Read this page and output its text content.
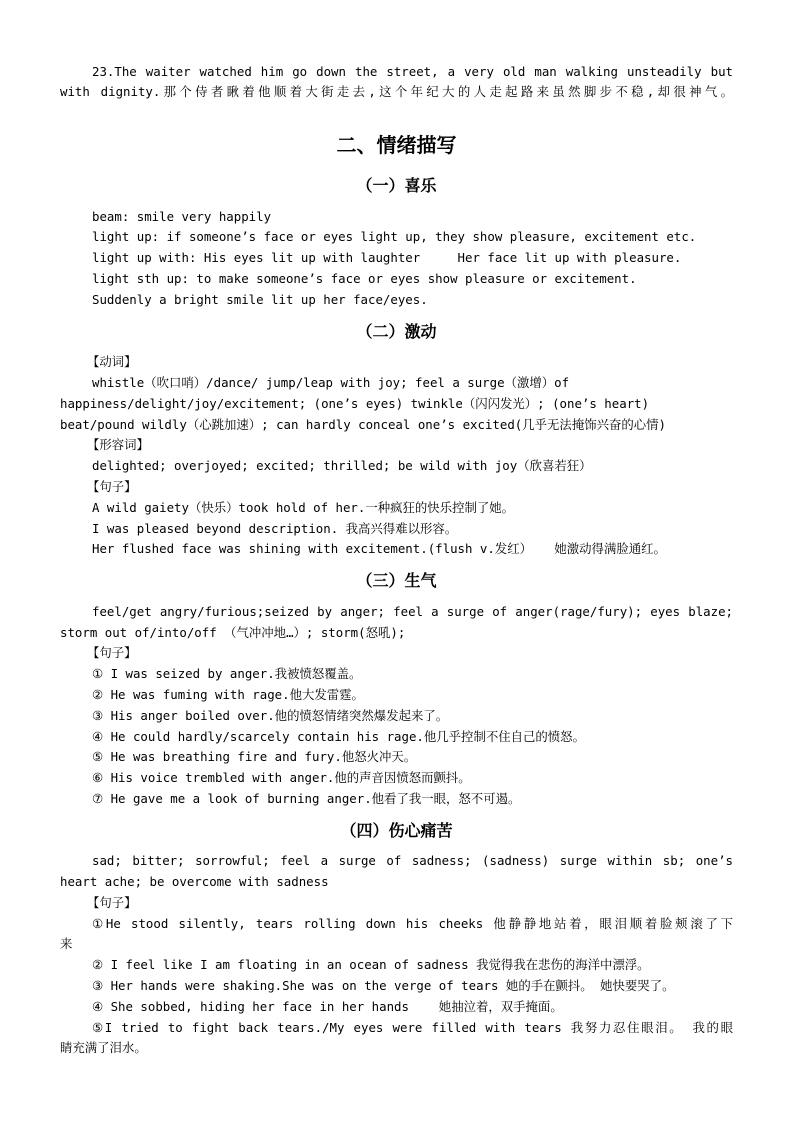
23.The waiter watched him go down the street, a very old man walking unsteadily but
with dignity.那个侍者瞅着他顺着大街走去,这个年纪大的人走起路来虽然脚步不稳,却很神气。
二、情绪描写
（一）喜乐
beam: smile very happily
light up: if someone’s face or eyes light up, they show pleasure, excitement etc.
light up with: His eyes lit up with laughter     Her face lit up with pleasure.
light sth up: to make someone’s face or eyes show pleasure or excitement.
Suddenly a bright smile lit up her face/eyes.
（二）激动
【动词】
whistle（吹口哨）/dance/ jump/leap with joy; feel a surge（激增）of
happiness/delight/joy/excitement; (one’s eyes) twinkle（闪闪发光）; (one’s heart)
beat/pound wildly（心跳加速）; can hardly conceal one’s excited(几乎无法掩饰兴奋的心情)
【形容词】
delighted; overjoyed; excited; thrilled; be wild with joy（欣喜若狂）
【句子】
A wild gaiety（快乐）took hold of her.一种疯狂的快乐控制了她。
I was pleased beyond description. 我高兴得难以形容。
Her flushed face was shining with excitement.(flush v.发红）   她激动得满脸通红。
（三）生气
feel/get angry/furious;seized by anger; feel a surge of anger(rage/fury); eyes blaze;
storm out of/into/off （气冲冲地…）; storm(怒吼);
【句子】
① I was seized by anger.我被愤怒覆盖。
② He was fuming with rage.他大发雷霆。
③ His anger boiled over.他的愤怒情绪突然爆发起来了。
④ He could hardly/scarcely contain his rage.他几乎控制不住自己的愤怒。
⑤ He was breathing fire and fury.他怒火冲天。
⑥ His voice trembled with anger.他的声音因愤怒而颤抖。
⑦ He gave me a look of burning anger.他看了我一眼，怒不可遏。
（四）伤心痛苦
sad; bitter; sorrowful; feel a surge of sadness; (sadness) surge within sb; one’s
heart ache; be overcome with sadness
【句子】
①He stood silently, tears rolling down his cheeks 他静静地站着，眼泪顺着脸颊滚了下
来
② I feel like I am floating in an ocean of sadness 我觉得我在悲伤的海洋中漂浮。
③ Her hands were shaking.She was on the verge of tears 她的手在颤抖。 她快要哭了。
④ She sobbed, hiding her face in her hands    她抽泣着，双手掩面。
⑤I tried to fight back tears./My eyes were filled with tears 我努力忍住眼泪。 我的眼
睛充满了泪水。
